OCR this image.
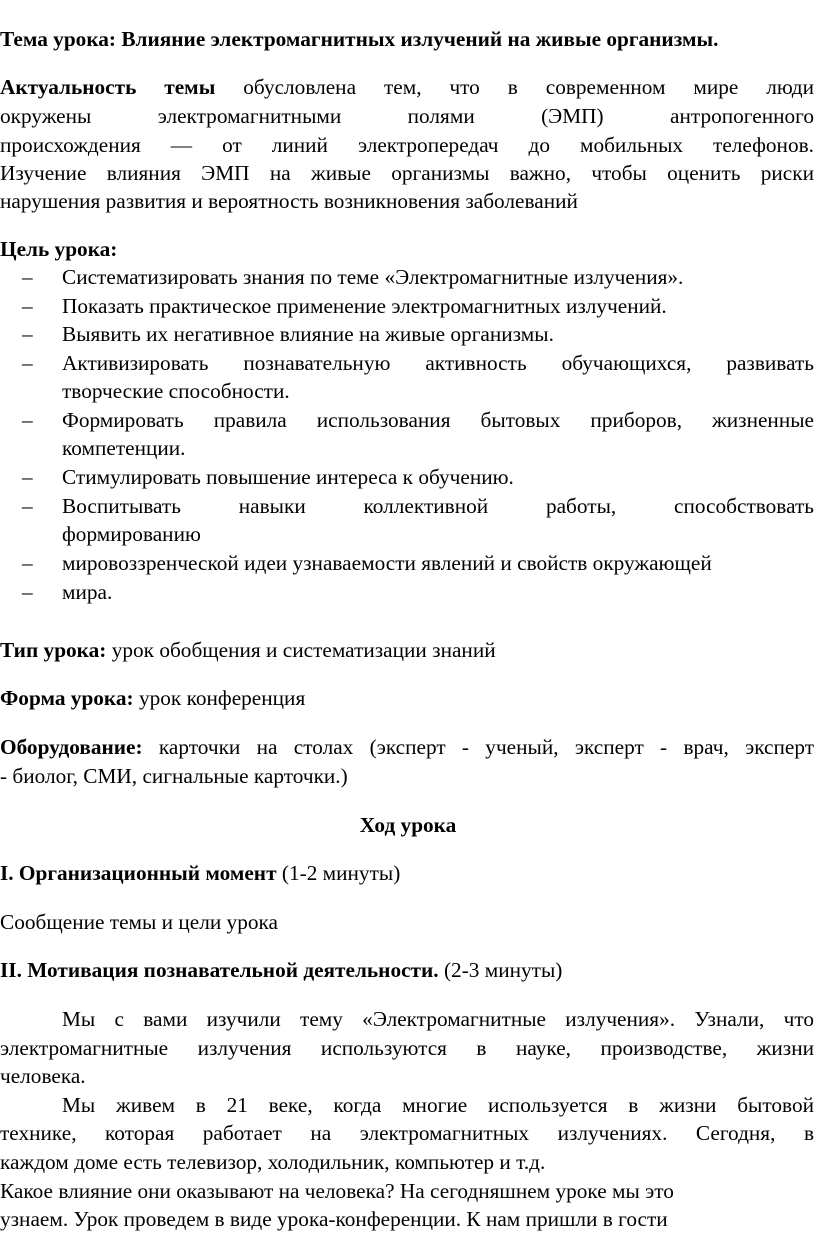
Тема урока: Влияние электромагнитных излучений на живые организмы.
Актуальность темы обусловлена тем, что в современном мире люди
окружены электромагнитными полями (ЭМП) антропогенного
происхождения — от линий электропередач до мобильных телефонов.
Изучение влияния ЭМП на живые организмы важно, чтобы оценить риски
нарушения развития и вероятность возникновения заболеваний
Цель урока:
– Систематизировать знания по теме «Электромагнитные излучения».
– Показать практическое применение электромагнитных излучений.
– Выявить их негативное влияние на живые организмы.
– Активизировать познавательную активность обучающихся, развивать
творческие способности.
– Формировать правила использования бытовых приборов, жизненные
компетенции.
– Стимулировать повышение интереса к обучению.
– Воспитывать навыки коллективной работы, способствовать
формированию
– мировоззренческой идеи узнаваемости явлений и свойств окружающей
– мира.
Тип урока: урок обобщения и систематизации знаний
Форма урока: урок конференция
Оборудование: карточки на столах (эксперт - ученый, эксперт - врач, эксперт
- биолог, СМИ, сигнальные карточки.)
Ход урока
I. Организационный момент (1-2 минуты)
Сообщение темы и цели урока
II. Мотивация познавательной деятельности. (2-3 минуты)
Мы с вами изучили тему «Электромагнитные излучения». Узнали, что
электромагнитные излучения используются в науке, производстве, жизни
человека.
Мы живем в 21 веке, когда многие используется в жизни бытовой
технике, которая работает на электромагнитных излучениях. Сегодня, в
каждом доме есть телевизор, холодильник, компьютер и т.д.
Какое влияние они оказывают на человека? На сегодняшнем уроке мы это
узнаем. Урок проведем в виде урока-конференции. К нам пришли в гости
